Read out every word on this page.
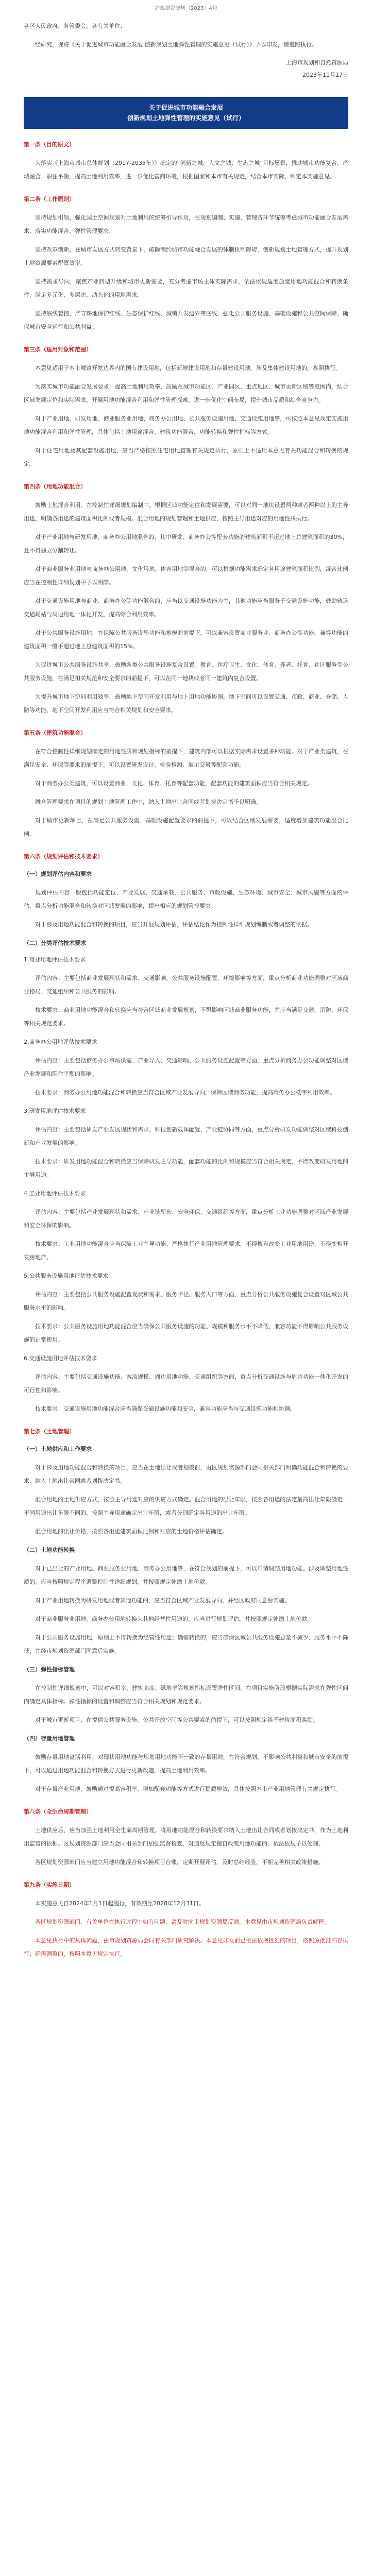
沪规划资源规〔2023〕4号
各区人民政府、各管委会，各有关单位：
经研究，现将《关于促进城市功能融合发展 创新规划土地弹性管理的实施意见（试行）》予以印发，请遵照执行。
上海市规划和自然资源局
2023年11月17日
关于促进城市功能融合发展
创新规划土地弹性管理的实施意见（试行）
第一条（目的原文）
为落实《上海市城市总体规划（2017-2035年）》确定的“创新之城、人文之城、生态之城”目标愿景，推动城市功能复合、产城融合、职住平衡，提高土地利用效率，进一步优化营商环境，根据国家和本市有关规定，结合本市实际，制定本实施意见。
第二条（工作原则）
坚持规划引领，强化国土空间规划对土地利用的统筹引导作用，在规划编制、实施、管理各环节统筹考虑城市功能融合发展需求，落实功能混合、弹性管理要求。
坚持改革创新，在城市发展方式转变背景下，破除制约城市功能融合发展的体制机制障碍，创新规划土地管理方式，提升规划土地资源要素配置效率。
坚持需求导向，聚焦产业转型升级和城市更新需要，充分考虑市场主体实际需求，依法依规适度放宽用地功能混合和转换条件，满足多元化、多层次、动态化的用地需求。
坚持底线管控，严守耕地保护红线、生态保护红线、城镇开发边界等底线，强化公共服务设施、基础设施和公共空间保障，确保城市安全运行和公共利益。
第三条（适用对象和范围）
本意见适用于本市城镇开发边界内的国有建设用地，包括新增建设用地和存量建设用地。涉及集体建设用地的，参照执行。
为落实城市功能融合发展要求，提高土地利用效率，鼓励在城市功能区、产业园区、重点地区、城市更新区域等范围内，结合区域发展定位和实际需求，开展用地功能混合利用和弹性管理探索，进一步优化空间布局，提升城市品质和综合竞争力。
对于产业用地、研发用地、商业服务业用地、商务办公用地、公共服务设施用地、交通设施用地等，可按照本意见规定实施用地功能混合利用和弹性管理，具体包括土地用途混合、建筑功能混合、功能转换和弹性指标等方式。
对于住宅用地及其配套设施用地，应当严格按照住宅用地管理有关规定执行，原则上不适用本意见有关功能混合和转换的规定。
第四条（用地功能混合）
鼓励土地混合利用。在控制性详细规划编制中，根据区域功能定位和发展需要，可以对同一地块设置两种或者两种以上的主导用途，明确各用途的建筑面积比例或者规模。混合用地的规划管理和土地供应，按照主导用途对应的用地性质执行。
对于产业用地与研发用地、商务办公用地混合的，其中研发、商务办公等配套功能的建筑面积不超过地上总建筑面积的30%，且不得独立分割转让。
对于商业服务业用地与商务办公用地、文化用地、体育用地等混合的，可以根据功能需求确定各用途建筑面积比例，混合比例应当在控制性详细规划中予以明确。
对于交通设施用地与商业、商务办公等功能混合的，应当以交通设施功能为主，其他功能应当服务于交通设施功能，鼓励轨道交通场站与周边用地一体化开发，提高综合利用效率。
对于公共服务设施用地，在保障公共服务设施功能和规模的前提下，可以兼容设置商业服务业、商务办公等功能，兼容功能的建筑面积一般不超过地上总建筑面积的15%。
为促进城市公共服务设施共享，鼓励各类公共服务设施复合设置。教育、医疗卫生、文化、体育、养老、托育、社区服务等公共服务设施，在满足相关规范和安全要求的前提下，可以在同一地块或者同一建筑内复合设置。
为提升城市地下空间利用效率，鼓励地下空间开发利用与地上用地功能协调，地下空间可以设置交通、市政、商业、仓储、人防等功能。地下空间开发利用应当符合相关规划和安全要求。
第五条（建筑功能混合）
在符合控制性详细规划确定的用地性质和规划指标的前提下，建筑内部可以根据实际需求设置多种功能。对于产业类建筑，在满足安全、环保等要求的前提下，可以设置研发设计、检验检测、展示交易等配套功能。
对于商务办公类建筑，可以设置商业、文化、体育、托育等配套功能，配套功能的建筑面积应当符合相关规定。
融合管理要求在项目的规划土地管理工作中，纳入土地出让合同或者划拨决定书予以明确。
对于城市更新项目，在满足公共服务设施、基础设施配置要求的前提下，可以结合区域发展需要，适度增加建筑功能混合比例。
第六条（规划评估和技术要求）
（一）规划评估内容和要求
规划评估内容一般包括功能定位、产业发展、交通承载、公共服务、市政设施、生态环境、城市安全、城市风貌等方面的评估，重点分析功能混合和转换对区域发展的影响，提出相应的规划管控要求。
对于涉及用地功能混合和转换的项目，应当开展规划评估，评估结论作为控制性详细规划编制或者调整的依据。
（二）分类评估技术要求
1.商业用地评估技术要求
评估内容：主要包括商业发展现状和需求、交通影响、公共服务设施配置、环境影响等方面，重点分析商业功能调整对区域商业格局、交通组织和公共服务的影响。
技术要求：商业用地功能混合和转换应当符合区域商业发展规划，不得影响区域商业服务功能，并应当满足交通、消防、环保等相关规范要求。
2.商务办公用地评估技术要求
评估内容：主要包括商务办公市场供需、产业导入、交通影响、公共服务设施配置等方面，重点分析商务办公功能调整对区域产业发展和职住平衡的影响。
技术要求：商务办公用地功能混合和转换应当符合区域产业发展导向，保障区域商务功能，提高商务办公楼宇利用效率。
3.研发用地评估技术要求
评估内容：主要包括研发产业发展现状和需求、科技创新载体配置、产业链协同等方面，重点分析研发功能调整对区域科技创新和产业发展的影响。
技术要求：研发用地功能混合和转换应当保障研发主导功能，配套功能的比例和规模应当符合相关规定，不得改变研发用地的主导用途。
4.工业用地评估技术要求
评估内容：主要包括产业发展现状和需求、产业链配套、安全环保、交通组织等方面，重点分析工业功能调整对区域产业发展和安全环保的影响。
技术要求：工业用地功能混合应当保障工业主导功能，严格执行产业用地管理要求，不得擅自改变工业用地用途，不得变相开发房地产。
5.公共服务设施用地评估技术要求
评估内容：主要包括公共服务设施配置现状和需求、服务半径、服务人口等方面，重点分析公共服务设施复合设置对区域公共服务水平的影响。
技术要求：公共服务设施用地功能混合应当确保公共服务设施的功能、规模和服务水平不降低，兼容功能不得影响公共服务设施的正常使用。
6.交通设施用地评估技术要求
评估内容：主要包括交通设施功能、客流规模、周边用地功能、交通组织等方面，重点分析交通设施与周边功能一体化开发的可行性和影响。
技术要求：交通设施用地功能混合应当确保交通设施功能和安全，兼容功能应当与交通设施功能相协调。
第七条（土地管理）
（一）土地供应和工作要求
对于涉及用地功能混合和转换的项目，应当在土地出让或者划拨前，由区规划资源部门会同相关部门明确功能混合和转换的要求，纳入土地出让合同或者划拨决定书。
混合用地的土地供应方式，按照主导用途对应的供应方式确定。混合用地的出让年限，按照各用途的法定最高出让年限确定；不同用途出让年限不同的，按照主导用途确定出让年限，或者分别确定各用途的出让年限。
混合用地的出让价格，按照各用途建筑面积比例和对应的土地价格评估确定。
（二）土地功能转换
对于已出让的产业用地、商业服务业用地、商务办公用地等，在符合规划的前提下，可以申请调整用地功能。涉及调整用地性质的，应当按照规定程序调整控制性详细规划，并按照规定补缴土地价款。
对于产业用地转换为研发用地或者其他功能的，应当符合区域产业发展导向，并经区政府同意后实施。
对于商业服务业用地、商务办公用地转换为其他经营性用途的，应当进行规划评估，并按照规定补缴土地价款。
对于公共服务设施用地，原则上不得转换为经营性用途；确需转换的，应当确保区域公共服务设施总量不减少、服务水平不降低，并经市规划资源部门同意后实施。
（三）弹性指标管理
在控制性详细规划中，可以对容积率、建筑高度、绿地率等规划指标设置弹性区间，在项目实施阶段根据实际需求在弹性区间内确定具体指标。弹性指标的设置和调整应当符合相关规划和规范要求。
对于城市更新项目，在提供公共服务设施、公共开放空间等公共要素的前提下，可以按照规定给予建筑面积奖励。
（四）存量用地管理
鼓励存量用地盘活利用，对现状用地功能与规划用地功能不一致的存量用地，在符合规划、不影响公共利益和城市安全的前提下，可以通过用地功能混合和转换方式进行更新改造，提高土地利用效率。
对于存量产业用地，鼓励通过提高容积率、增加配套功能等方式进行提质增效，具体按照本市产业用地管理有关规定执行。
第八条（全生命周期管理）
土地供应后，应当加强土地利用全生命周期管理，将用地功能混合和转换要求纳入土地出让合同或者划拨决定书，作为土地利用监管的依据。区规划资源部门应当会同相关部门加强监督检查，对违反规定擅自改变用地功能的，依法依规予以处理。
各区规划资源部门应当建立用地功能混合和转换项目台账，定期开展评估，及时总结经验，不断完善相关政策措施。
第九条（实施日期）
本实施意见自2024年1月1日起施行，有效期至2028年12月31日。
各区规划资源部门、有关单位在执行过程中如有问题，请及时向市规划资源局反馈。本意见由市规划资源局负责解释。
本意见执行中的具体问题，由市规划资源局会同有关部门研究解决。本意见印发前已依法依规批准的项目，按照原批准内容执行；确需调整的，按照本意见规定执行。
